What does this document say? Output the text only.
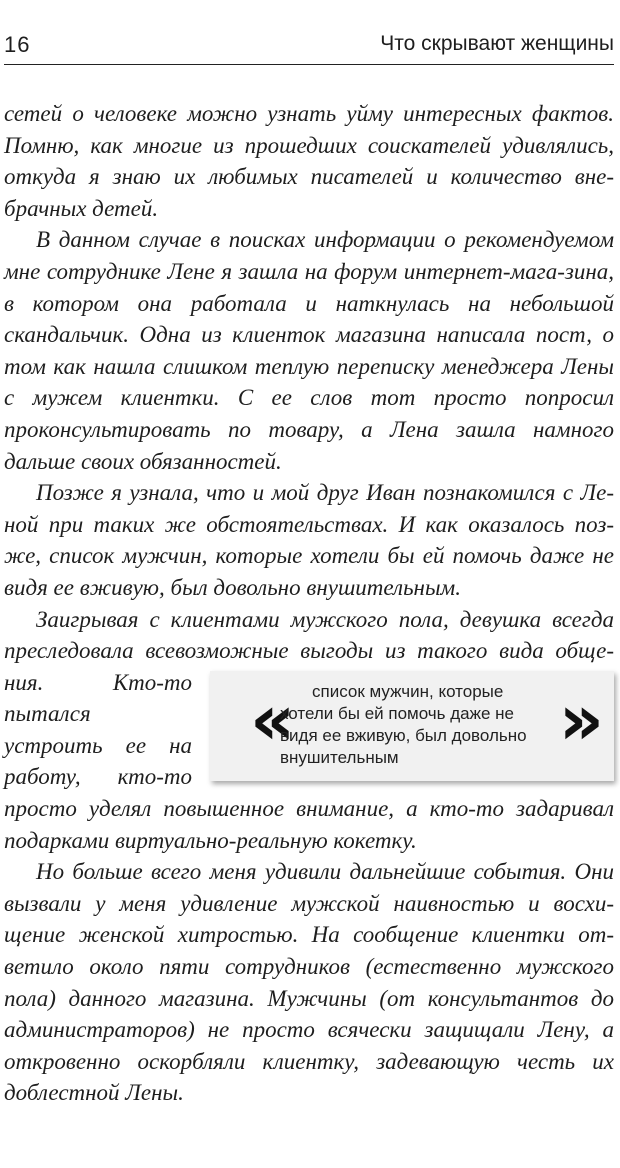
16	Что скрывают женщины

сетей о человеке можно узнать уйму интересных фактов. Помню, как многие из прошедших соискателей удивлялись, откуда я знаю их любимых писателей и количество вне-брачных детей.

В данном случае в поисках информации о рекомендуемом мне сотруднике Лене я зашла на форум интернет-мага-зина, в котором она работала и наткнулась на небольшой скандальчик. Одна из клиенток магазина написала пост, о том как нашла слишком теплую переписку менеджера Лены с мужем клиентки. С ее слов тот просто попросил проконсультировать по товару, а Лена зашла намного дальше своих обязанностей.

Позже я узнала, что и мой друг Иван познакомился с Ле-ной при таких же обстоятельствах. И как оказалось поз-же, список мужчин, которые хотели бы ей помочь даже не видя ее вживую, был довольно внушительным.

Заигрывая с клиентами мужского пола, девушка всегда преследовала всевозможные выгоды из такого вида обще-ния.	« список мужчин, которые хотели бы ей помочь даже не видя ее вживую, был довольно внушительным	»
Кто-то пытался устроить ее на работу, кто-то просто уделял повышенное внимание, а кто-то задаривал подарками виртуально-реальную кокетку.

Но больше всего меня удивили дальнейшие события. Они вызвали у меня удивление мужской наивностью и восхи-щение женской хитростью. На сообщение клиентки от-ветило около пяти сотрудников (естественно мужского пола) данного магазина. Мужчины (от консультантов до администраторов) не просто всячески защищали Лену, а откровенно оскорбляли клиентку, задевающую честь их доблестной Лены.
